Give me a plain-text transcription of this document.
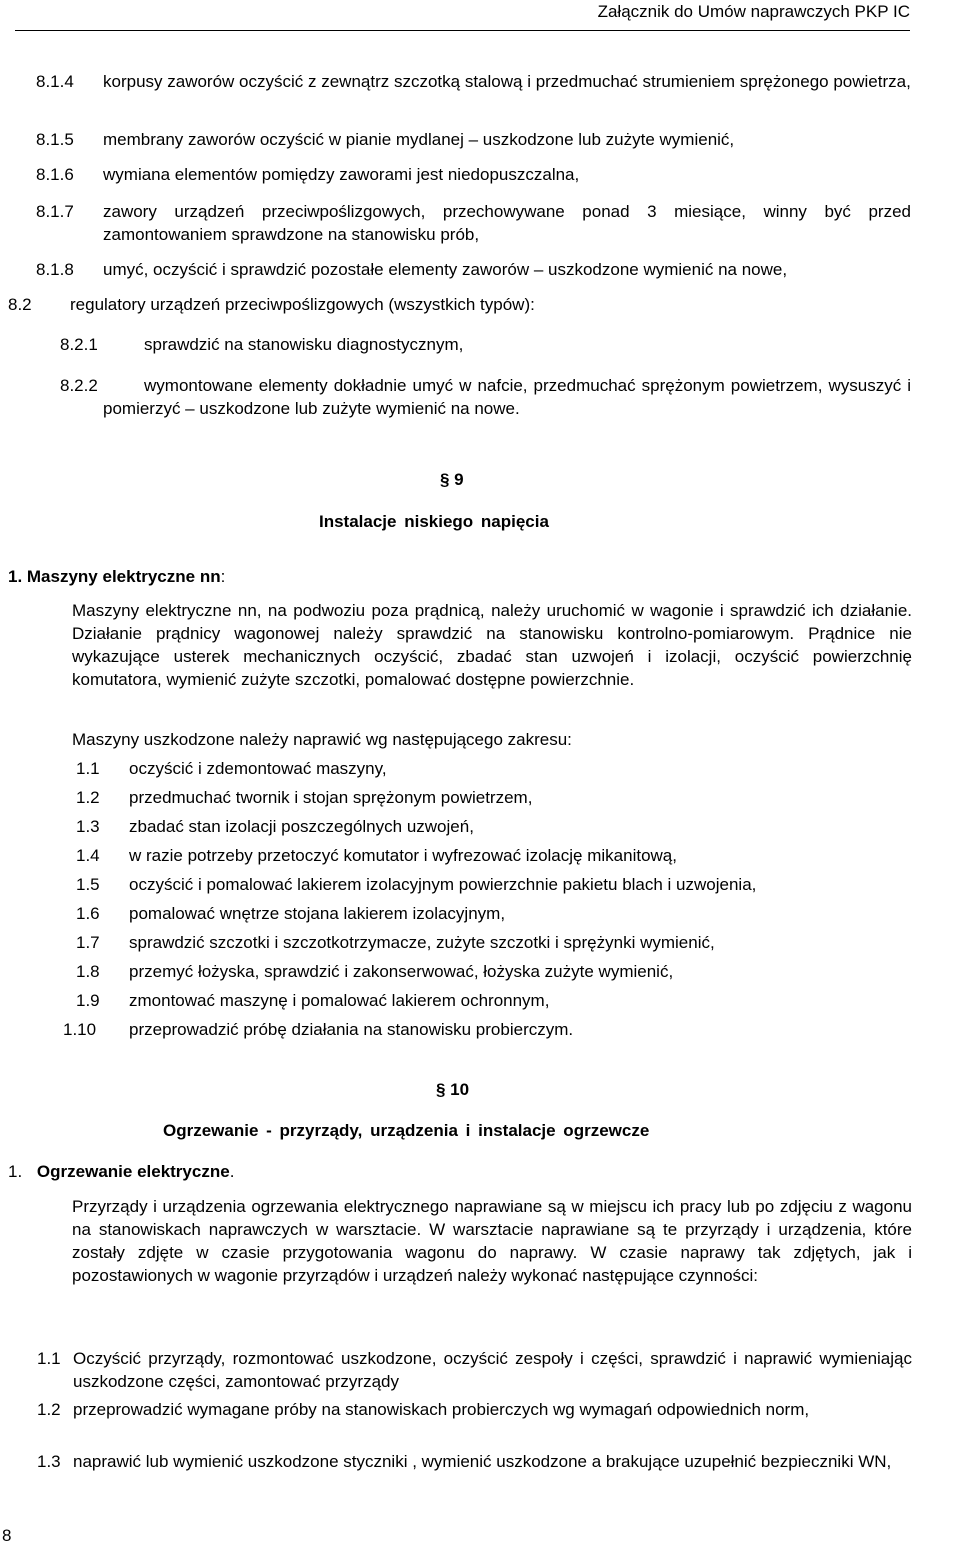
Załącznik do Umów naprawczych PKP IC
8.1.4 korpusy zaworów oczyścić z zewnątrz szczotką stalową i przedmuchać strumieniem sprężonego powietrza,
8.1.5 membrany zaworów oczyścić w pianie mydlanej – uszkodzone lub zużyte wymienić,
8.1.6 wymiana elementów pomiędzy zaworami jest niedopuszczalna,
8.1.7 zawory urządzeń przeciwpoślizgowych, przechowywane ponad 3 miesiące, winny być przed zamontowaniem sprawdzone na stanowisku prób,
8.1.8 umyć, oczyścić i sprawdzić pozostałe elementy zaworów – uszkodzone wymienić na nowe,
8.2 regulatory urządzeń przeciwpoślizgowych (wszystkich typów):
8.2.1	sprawdzić na stanowisku diagnostycznym,
8.2.2	wymontowane elementy dokładnie umyć w nafcie, przedmuchać sprężonym powietrzem, wysuszyć i pomierzyć – uszkodzone lub zużyte wymienić na nowe.
§ 9
Instalacje niskiego napięcia
1. Maszyny elektryczne nn:
Maszyny elektryczne nn, na podwoziu poza prądnicą, należy uruchomić w wagonie i sprawdzić ich działanie. Działanie prądnicy wagonowej należy sprawdzić na stanowisku kontrolno-pomiarowym. Prądnice nie wykazujące usterek mechanicznych oczyścić, zbadać stan uzwojeń i izolacji, oczyścić powierzchnię komutatora, wymienić zużyte szczotki, pomalować dostępne powierzchnie.
Maszyny uszkodzone należy naprawić wg następującego zakresu:
1.1 oczyścić i zdemontować maszyny,
1.2 przedmuchać twornik i stojan sprężonym powietrzem,
1.3 zbadać stan izolacji poszczególnych uzwojeń,
1.4 w razie potrzeby przetoczyć komutator i wyfrezować izolację mikanitową,
1.5 oczyścić i pomalować lakierem izolacyjnym powierzchnie pakietu blach i uzwojenia,
1.6 pomalować wnętrze stojana lakierem izolacyjnym,
1.7 sprawdzić szczotki i szczotkotrzymacze, zużyte szczotki i sprężynki wymienić,
1.8 przemyć łożyska, sprawdzić i zakonserwować, łożyska zużyte wymienić,
1.9 zmontować maszynę i pomalować lakierem ochronnym,
1.10 przeprowadzić próbę działania na stanowisku probierczym.
§ 10
Ogrzewanie - przyrządy, urządzenia i instalacje ogrzewcze
1. Ogrzewanie elektryczne.
Przyrządy i urządzenia ogrzewania elektrycznego naprawiane są w miejscu ich pracy lub po zdjęciu z wagonu na stanowiskach naprawczych w warsztacie. W warsztacie naprawiane są te przyrządy i urządzenia, które zostały zdjęte w czasie przygotowania wagonu do naprawy. W czasie naprawy tak zdjętych, jak i pozostawionych w wagonie przyrządów i urządzeń należy wykonać następujące czynności:
1.1 Oczyścić przyrządy, rozmontować uszkodzone, oczyścić zespoły i części, sprawdzić i naprawić wymieniając uszkodzone części, zamontować przyrządy
1.2 przeprowadzić wymagane próby na stanowiskach probierczych wg wymagań odpowiednich norm,
1.3 naprawić lub wymienić uszkodzone styczniki , wymienić uszkodzone a brakujące uzupełnić bezpieczniki WN,
8
